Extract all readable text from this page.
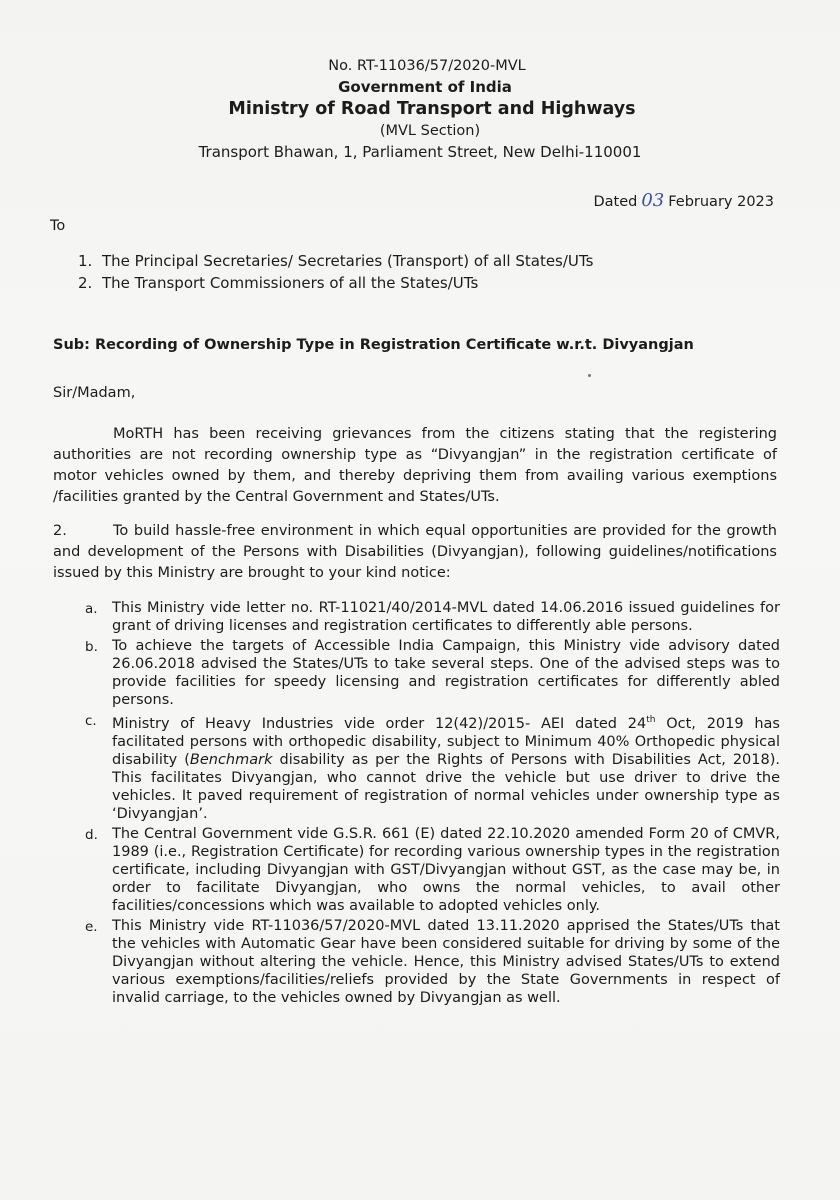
No. RT-11036/57/2020-MVL
Government of India
Ministry of Road Transport and Highways
(MVL Section)
Transport Bhawan, 1, Parliament Street, New Delhi-110001
Dated 03 February 2023
To
1. The Principal Secretaries/ Secretaries (Transport) of all States/UTs
2. The Transport Commissioners of all the States/UTs
Sub: Recording of Ownership Type in Registration Certificate w.r.t. Divyangjan
Sir/Madam,
MoRTH has been receiving grievances from the citizens stating that the registering authorities are not recording ownership type as “Divyangjan” in the registration certificate of motor vehicles owned by them, and thereby depriving them from availing various exemptions /facilities granted by the Central Government and States/UTs.
2.	To build hassle-free environment in which equal opportunities are provided for the growth and development of the Persons with Disabilities (Divyangjan), following guidelines/notifications issued by this Ministry are brought to your kind notice:
a. This Ministry vide letter no. RT-11021/40/2014-MVL dated 14.06.2016 issued guidelines for grant of driving licenses and registration certificates to differently able persons.
b. To achieve the targets of Accessible India Campaign, this Ministry vide advisory dated 26.06.2018 advised the States/UTs to take several steps. One of the advised steps was to provide facilities for speedy licensing and registration certificates for differently abled persons.
c. Ministry of Heavy Industries vide order 12(42)/2015- AEI dated 24th Oct, 2019 has facilitated persons with orthopedic disability, subject to Minimum 40% Orthopedic physical disability (Benchmark disability as per the Rights of Persons with Disabilities Act, 2018). This facilitates Divyangjan, who cannot drive the vehicle but use driver to drive the vehicles. It paved requirement of registration of normal vehicles under ownership type as ‘Divyangjan’.
d. The Central Government vide G.S.R. 661 (E) dated 22.10.2020 amended Form 20 of CMVR, 1989 (i.e., Registration Certificate) for recording various ownership types in the registration certificate, including Divyangjan with GST/Divyangjan without GST, as the case may be, in order to facilitate Divyangjan, who owns the normal vehicles, to avail other facilities/concessions which was available to adopted vehicles only.
e. This Ministry vide RT-11036/57/2020-MVL dated 13.11.2020 apprised the States/UTs that the vehicles with Automatic Gear have been considered suitable for driving by some of the Divyangjan without altering the vehicle. Hence, this Ministry advised States/UTs to extend various exemptions/facilities/reliefs provided by the State Governments in respect of invalid carriage, to the vehicles owned by Divyangjan as well.
